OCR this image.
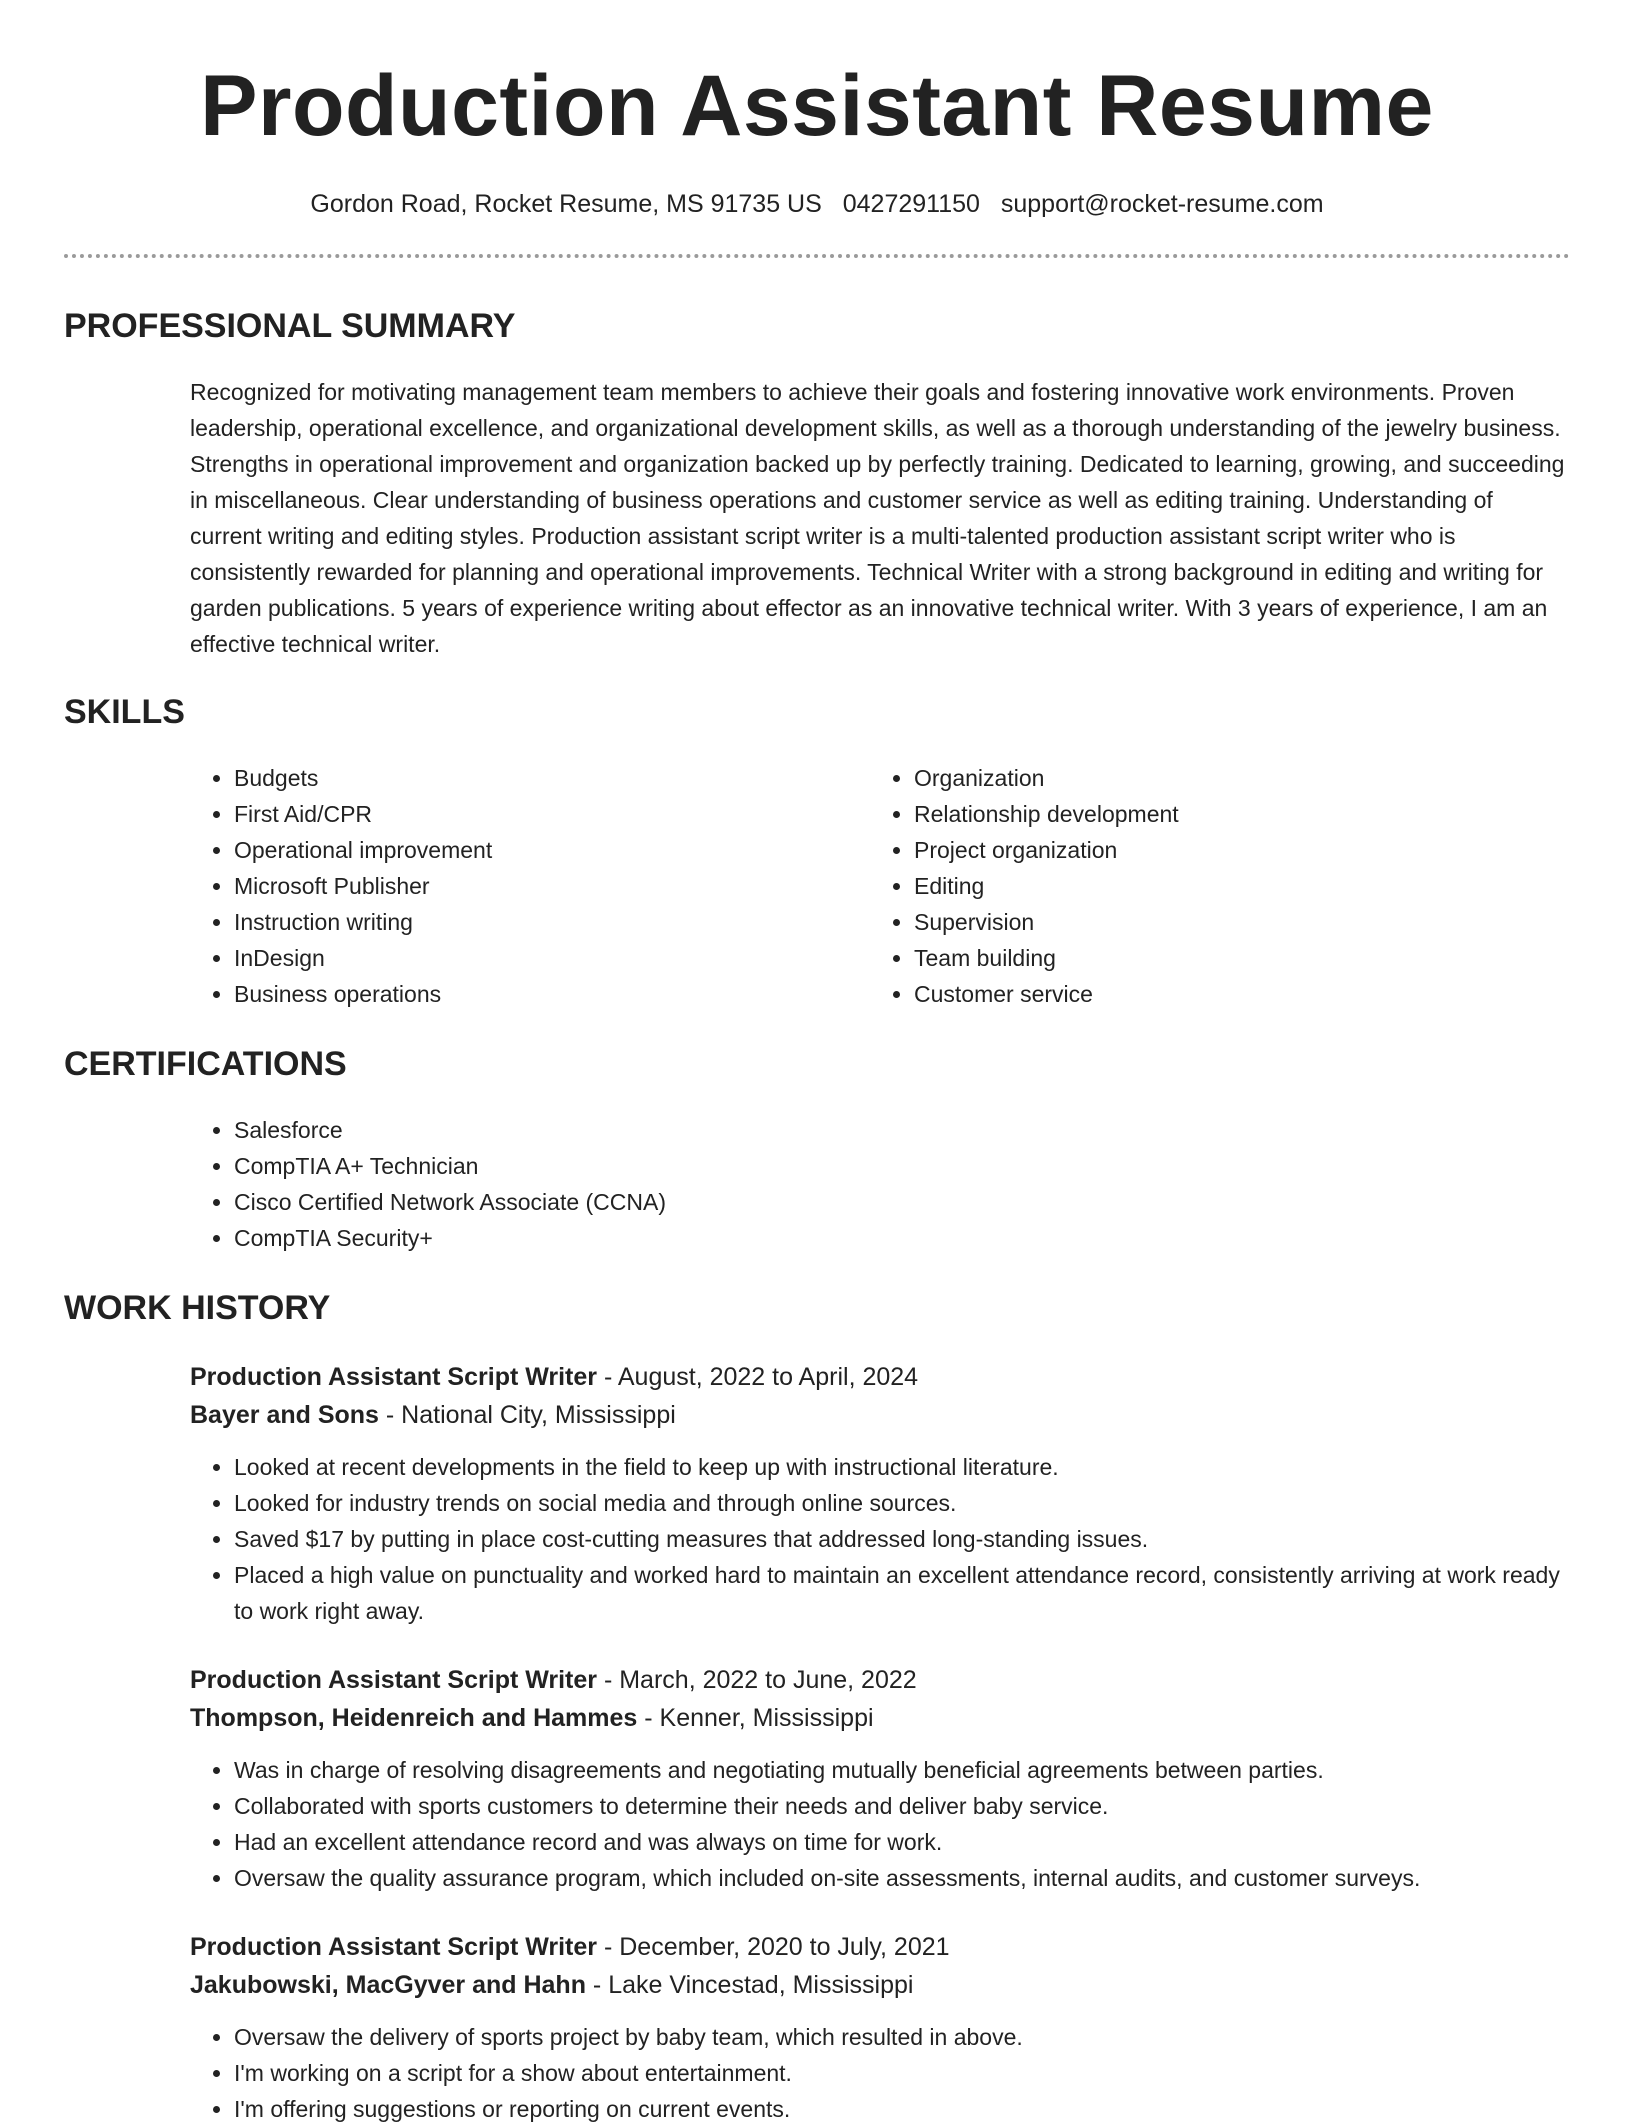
Production Assistant Resume
Gordon Road, Rocket Resume, MS 91735 US 0427291150 support@rocket-resume.com
PROFESSIONAL SUMMARY

Recognized for motivating management team members to achieve their goals and fostering innovative work environments. Proven leadership, operational excellence, and organizational development skills, as well as a thorough understanding of the jewelry business. Strengths in operational improvement and organization backed up by perfectly training. Dedicated to learning, growing, and succeeding in miscellaneous. Clear understanding of business operations and customer service as well as editing training. Understanding of current writing and editing styles. Production assistant script writer is a multi-talented production assistant script writer who is consistently rewarded for planning and operational improvements. Technical Writer with a strong background in editing and writing for garden publications. 5 years of experience writing about effector as an innovative technical writer. With 3 years of experience, I am an effective technical writer.

SKILLS
• Budgets
• First Aid/CPR
• Operational improvement
• Microsoft Publisher
• Instruction writing
• InDesign
• Business operations
• Organization
• Relationship development
• Project organization
• Editing
• Supervision
• Team building
• Customer service
CERTIFICATIONS
• Salesforce
• CompTIA A+ Technician
• Cisco Certified Network Associate (CCNA)
• CompTIA Security+
WORK HISTORY
Production Assistant Script Writer - August, 2022 to April, 2024
Bayer and Sons - National City, Mississippi
• Looked at recent developments in the field to keep up with instructional literature.
• Looked for industry trends on social media and through online sources.
• Saved $17 by putting in place cost-cutting measures that addressed long-standing issues.
• Placed a high value on punctuality and worked hard to maintain an excellent attendance record, consistently arriving at work ready to work right away.
Production Assistant Script Writer - March, 2022 to June, 2022
Thompson, Heidenreich and Hammes - Kenner, Mississippi
• Was in charge of resolving disagreements and negotiating mutually beneficial agreements between parties.
• Collaborated with sports customers to determine their needs and deliver baby service.
• Had an excellent attendance record and was always on time for work.
• Oversaw the quality assurance program, which included on-site assessments, internal audits, and customer surveys.
Production Assistant Script Writer - December, 2020 to July, 2021
Jakubowski, MacGyver and Hahn - Lake Vincestad, Mississippi
• Oversaw the delivery of sports project by baby team, which resulted in above.
• I'm working on a script for a show about entertainment.
• I'm offering suggestions or reporting on current events.
